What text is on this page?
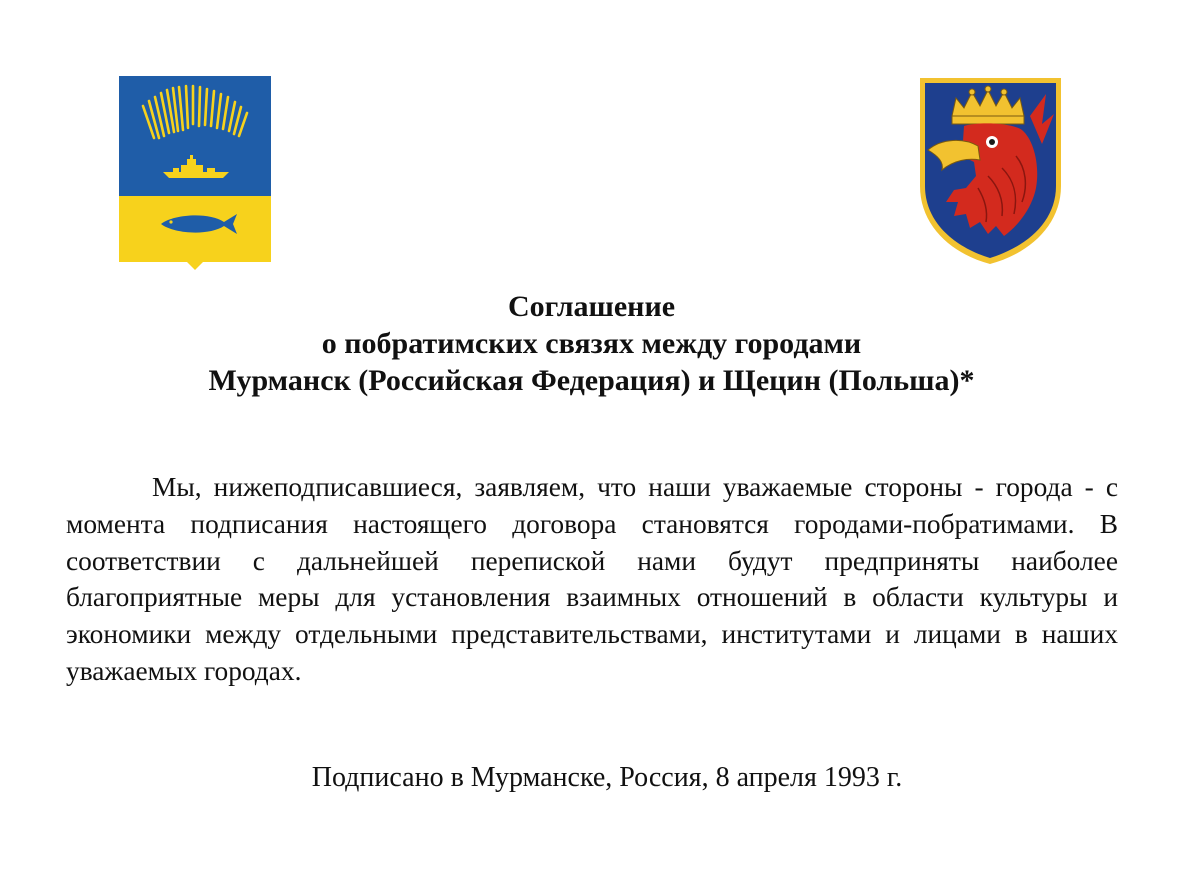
Соглашение
о побратимских связях между городами
Мурманск (Российская Федерация) и Щецин (Польша)*

Мы, нижеподписавшиеся, заявляем, что наши уважаемые стороны - города - с момента подписания настоящего договора становятся городами-побратимами. В соответствии с дальнейшей перепиской нами будут предприняты наиболее благоприятные меры для установления взаимных отношений в области культуры и экономики между отдельными представительствами, институтами и лицами в наших уважаемых городах.

Подписано в Мурманске, Россия, 8 апреля 1993 г.
